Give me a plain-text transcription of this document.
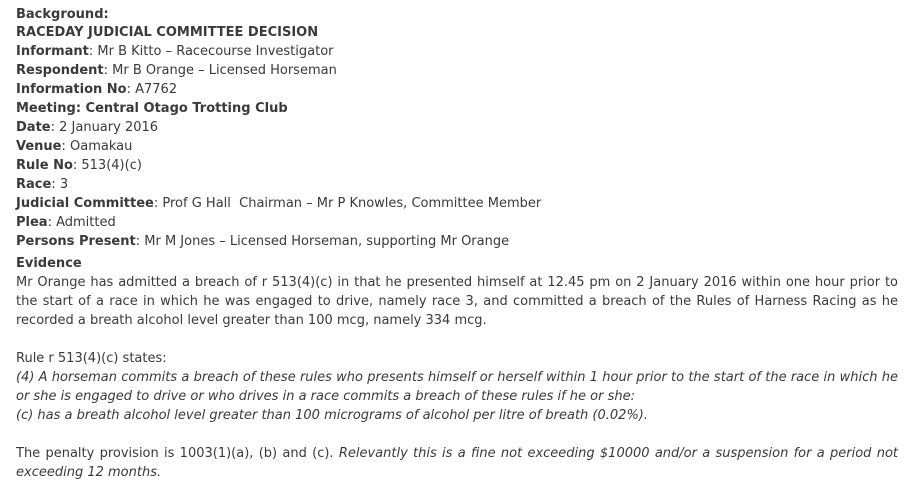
Background:
RACEDAY JUDICIAL COMMITTEE DECISION
Informant: Mr B Kitto – Racecourse Investigator
Respondent: Mr B Orange – Licensed Horseman
Information No: A7762
Meeting: Central Otago Trotting Club
Date: 2 January 2016
Venue: Oamakau
Rule No: 513(4)(c)
Race: 3
Judicial Committee: Prof G Hall  Chairman – Mr P Knowles, Committee Member
Plea: Admitted
Persons Present: Mr M Jones – Licensed Horseman, supporting Mr Orange
Evidence

Mr Orange has admitted a breach of r 513(4)(c) in that he presented himself at 12.45 pm on 2 January 2016 within one hour prior to the start of a race in which he was engaged to drive, namely race 3, and committed a breach of the Rules of Harness Racing as he recorded a breath alcohol level greater than 100 mcg, namely 334 mcg.

Rule r 513(4)(c) states:

(4) A horseman commits a breach of these rules who presents himself or herself within 1 hour prior to the start of the race in which he or she is engaged to drive or who drives in a race commits a breach of these rules if he or she:

(c) has a breath alcohol level greater than 100 micrograms of alcohol per litre of breath (0.02%).

The penalty provision is 1003(1)(a), (b) and (c). Relevantly this is a fine not exceeding $10000 and/or a suspension for a period not exceeding 12 months.
